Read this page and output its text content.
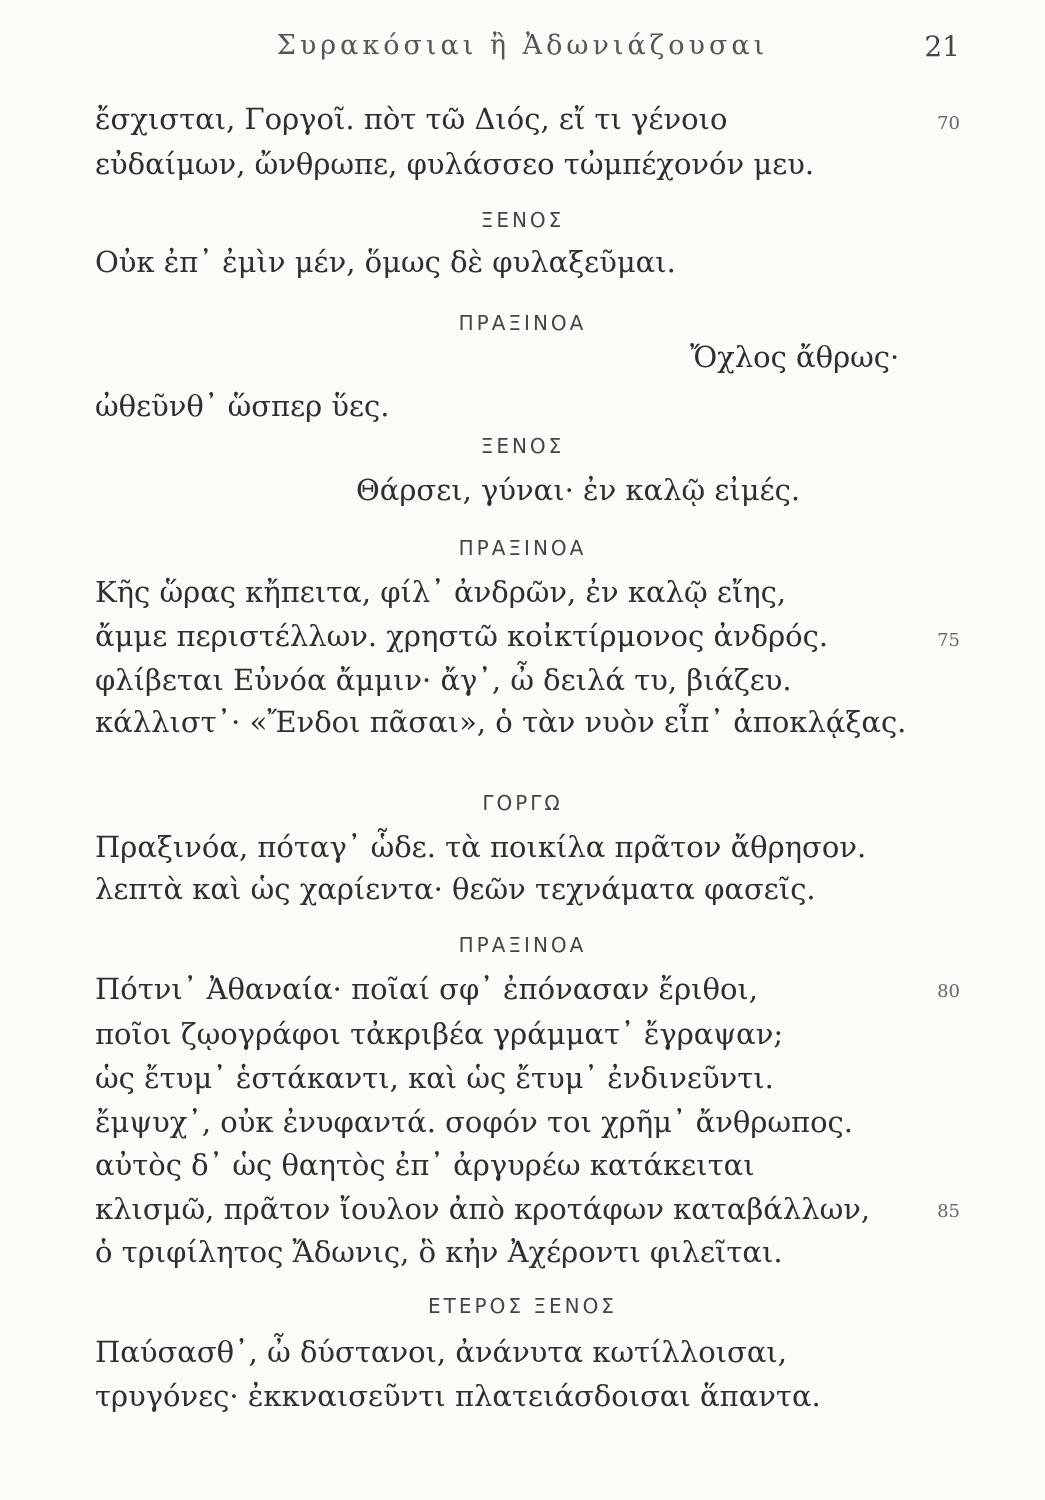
Συρακόσιαι ἢ Ἀδωνιάζουσαι	21
ἔσχισται, Γοργοῖ. πὸτ τῶ Διός, εἴ τι γένοιο	70
εὐδαίμων, ὤνθρωπε, φυλάσσεο τὠμπέχονόν μευ.
ΞΕΝΟΣ
Οὐκ ἐπ᾽ ἐμὶν μέν, ὅμως δὲ φυλαξεῦμαι.
ΠΡΑΞΙΝΟΑ
Ὄχλος ἄθρως·
ὠθεῦνθ᾽ ὥσπερ ὕες.
ΞΕΝΟΣ
Θάρσει, γύναι· ἐν καλῷ εἰμές.
ΠΡΑΞΙΝΟΑ
Κῆς ὥρας κἤπειτα, φίλ᾽ ἀνδρῶν, ἐν καλῷ εἴης,
ἄμμε περιστέλλων. χρηστῶ κοἰκτίρμονος ἀνδρός.	75
φλίβεται Εὐνόα ἄμμιν· ἄγ᾽, ὦ δειλά τυ, βιάζευ.
κάλλιστ᾽· «Ἔνδοι πᾶσαι», ὁ τὰν νυὸν εἶπ᾽ ἀποκλᾴξας.
ΓΟΡΓΩ
Πραξινόα, πόταγ᾽ ὧδε. τὰ ποικίλα πρᾶτον ἄθρησον.
λεπτὰ καὶ ὡς χαρίεντα· θεῶν τεχνάματα φασεῖς.
ΠΡΑΞΙΝΟΑ
Πότνι᾽ Ἀθαναία· ποῖαί σφ᾽ ἐπόνασαν ἔριθοι,	80
ποῖοι ζῳογράφοι τἀκριβέα γράμματ᾽ ἔγραψαν;
ὡς ἔτυμ᾽ ἑστάκαντι, καὶ ὡς ἔτυμ᾽ ἐνδινεῦντι.
ἔμψυχ᾽, οὐκ ἐνυφαντά. σοφόν τοι χρῆμ᾽ ἄνθρωπος.
αὐτὸς δ᾽ ὡς θαητὸς ἐπ᾽ ἀργυρέω κατάκειται
κλισμῶ, πρᾶτον ἴουλον ἀπὸ κροτάφων καταβάλλων,	85
ὁ τριφίλητος Ἄδωνις, ὃ κἠν Ἀχέροντι φιλεῖται.
ΕΤΕΡΟΣ ΞΕΝΟΣ
Παύσασθ᾽, ὦ δύστανοι, ἀνάνυτα κωτίλλοισαι,
τρυγόνες· ἐκκναισεῦντι πλατειάσδοισαι ἅπαντα.
